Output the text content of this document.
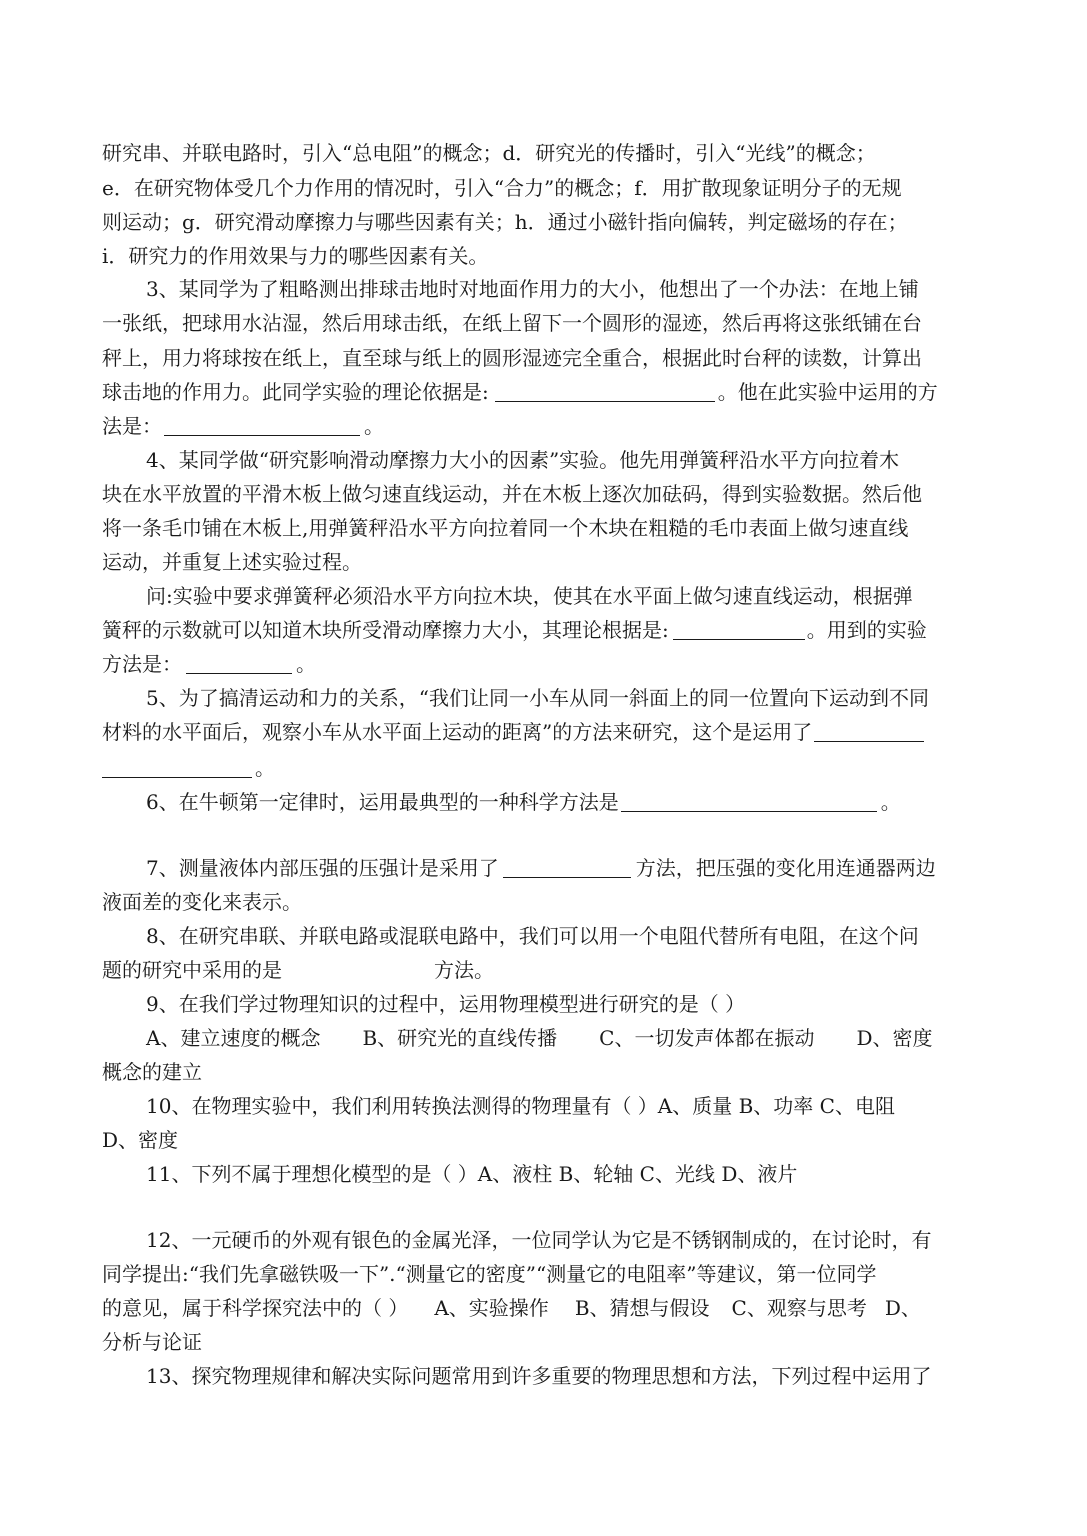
研究串、并联电路时，引入“总电阻”的概念；d．研究光的传播时，引入“光线”的概念；
e．在研究物体受几个力作用的情况时，引入“合力”的概念；f．用扩散现象证明分子的无规
则运动；g．研究滑动摩擦力与哪些因素有关；h．通过小磁针指向偏转，判定磁场的存在；
i．研究力的作用效果与力的哪些因素有关。
3、某同学为了粗略测出排球击地时对地面作用力的大小，他想出了一个办法：在地上铺
一张纸，把球用水沾湿，然后用球击纸，在纸上留下一个圆形的湿迹，然后再将这张纸铺在台
秤上，用力将球按在纸上，直至球与纸上的圆形湿迹完全重合，根据此时台秤的读数，计算出
球击地的作用力。此同学实验的理论依据是:	。他在此实验中运用的方
法是：	。
4、某同学做“研究影响滑动摩擦力大小的因素”实验。他先用弹簧秤沿水平方向拉着木
块在水平放置的平滑木板上做匀速直线运动，并在木板上逐次加砝码，得到实验数据。然后他
将一条毛巾铺在木板上,用弹簧秤沿水平方向拉着同一个木块在粗糙的毛巾表面上做匀速直线
运动，并重复上述实验过程。
问:实验中要求弹簧秤必须沿水平方向拉木块，使其在水平面上做匀速直线运动，根据弹
簧秤的示数就可以知道木块所受滑动摩擦力大小，其理论根据是:	。用到的实验
方法是：	。
5、为了搞清运动和力的关系，“我们让同一小车从同一斜面上的同一位置向下运动到不同
材料的水平面后，观察小车从水平面上运动的距离”的方法来研究，这个是运用了
。
6、在牛顿第一定律时，运用最典型的一种科学方法是	。
7、测量液体内部压强的压强计是采用了	方法，把压强的变化用连通器两边
液面差的变化来表示。
8、在研究串联、并联电路或混联电路中，我们可以用一个电阻代替所有电阻，在这个问
题的研究中采用的是	方法。
9、在我们学过物理知识的过程中，运用物理模型进行研究的是（ ）
A、建立速度的概念 B、研究光的直线传播 C、一切发声体都在振动 D、密度
概念的建立
10、在物理实验中，我们利用转换法测得的物理量有（ ）A、质量 B、功率 C、电阻
D、密度
11、下列不属于理想化模型的是（ ）A、液柱 B、轮轴 C、光线 D、液片
12、一元硬币的外观有银色的金属光泽，一位同学认为它是不锈钢制成的，在讨论时，有
同学提出:“我们先拿磁铁吸一下”.“测量它的密度”“测量它的电阻率”等建议，第一位同学
的意见，属于科学探究法中的（ ） A、实验操作 B、猜想与假设 C、观察与思考 D、
分析与论证
13、探究物理规律和解决实际问题常用到许多重要的物理思想和方法，下列过程中运用了
